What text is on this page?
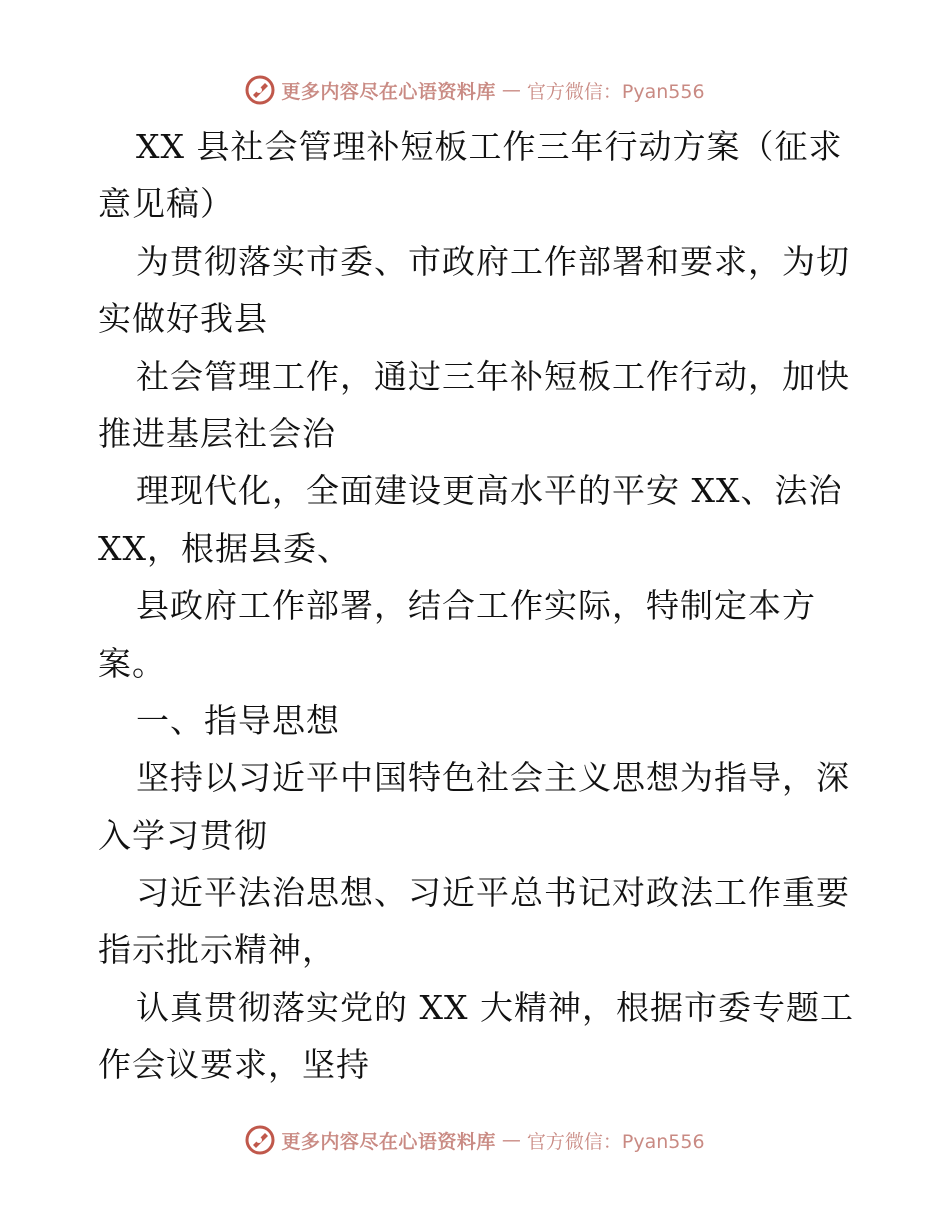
更多内容尽在心语资料库 — 官方微信：Pyan556
XX 县社会管理补短板工作三年行动方案（征求
意见稿）
为贯彻落实市委、市政府工作部署和要求，为切
实做好我县
社会管理工作，通过三年补短板工作行动，加快
推进基层社会治
理现代化，全面建设更高水平的平安 XX、法治
XX，根据县委、
县政府工作部署，结合工作实际，特制定本方
案。
一、指导思想
坚持以习近平中国特色社会主义思想为指导，深
入学习贯彻
习近平法治思想、习近平总书记对政法工作重要
指示批示精神，
认真贯彻落实党的 XX 大精神，根据市委专题工
作会议要求，坚持
更多内容尽在心语资料库 — 官方微信：Pyan556
